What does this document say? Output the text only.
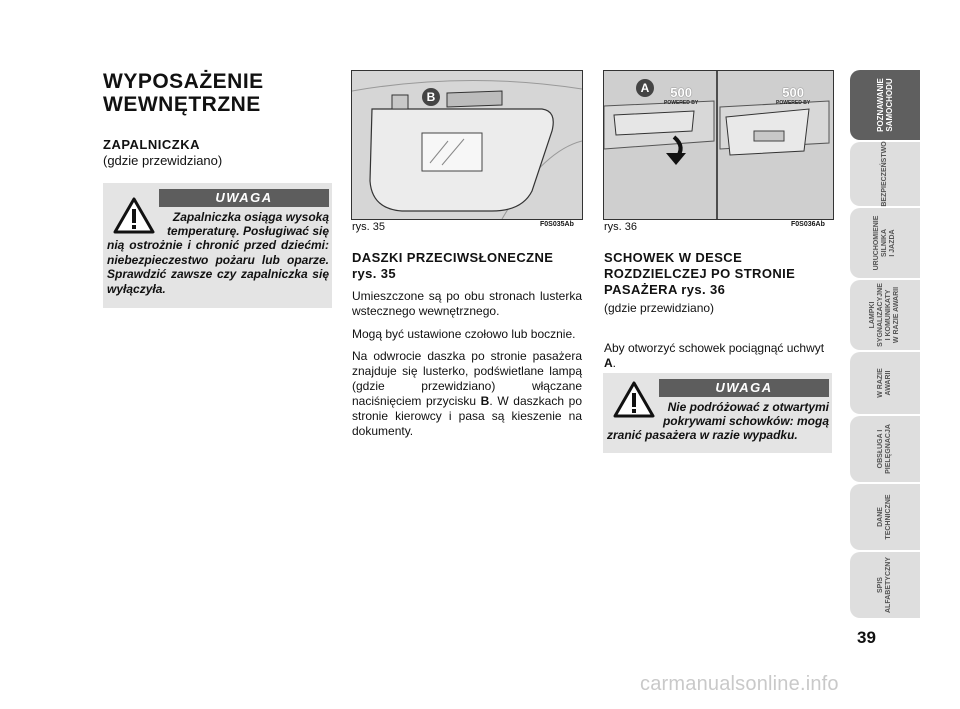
WYPOSAŻENIE
WEWNĘTRZNE
ZAPALNICZKA
(gdzie przewidziano)
UWAGA
Zapalniczka osiąga wysoką
temperaturę. Posługiwać się
nią ostrożnie i chronić przed dziećmi: niebezpieczestwo pożaru lub oparze. Sprawdzić zawsze czy zapalniczka się wyłączyła.
B
rys. 35	F0S035Ab
DASZKI PRZECIWSŁONECZNE
rys. 35
Umieszczone są po obu stronach lusterka wstecznego wewnętrznego.
Mogą być ustawione czołowo lub bocznie.
Na odwrocie daszka po stronie pasażera znajduje się lusterko, podświetlane lampą (gdzie przewidziano) włączane naciśnięciem przycisku B. W daszkach po stronie kierowcy i pasa są kieszenie na dokumenty.
500
POWERED BY
500
POWERED BY
A
rys. 36	F0S036Ab
SCHOWEK W DESCE
ROZDZIELCZEJ PO STRONIE
PASAŻERA rys. 36
(gdzie przewidziano)
Aby otworzyć schowek pociągnąć uchwyt A.
UWAGA
Nie podróżować z otwartymi
pokrywami schowków: mogą
zranić pasażera w razie wypadku.
POZNAWANIE
SAMOCHODU
BEZPIECZEŃSTWO
URUCHOMIENIE
SILNIKA
I JAZDA
LAMPKI
SYGNALIZACYJNE
I KOMUNIKATY
W RAZIE AWARII
W RAZIE
AWARII
OBSŁUGA I
PIELĘGNACJA
DANE
TECHNICZNE
SPIS
ALFABETYCZNY
39
carmanualsonline.info
